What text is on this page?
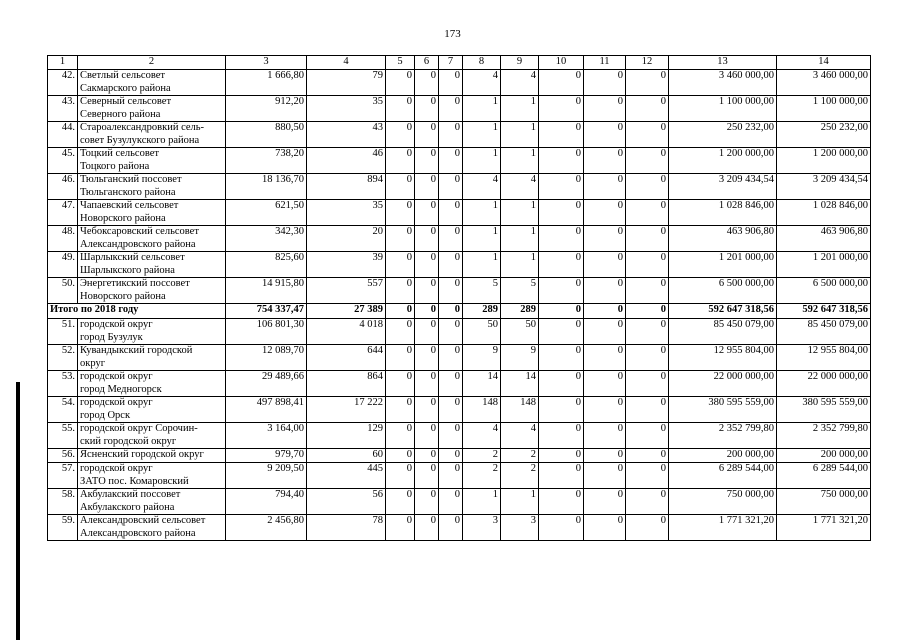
173
1	2	3	4	5	6	7	8	9	10	11	12	13	14
42.	Светлый сельсовет
Сакмарского района	1 666,80	79	0	0	0	4	4	0	0	0	3 460 000,00	3 460 000,00
43.	Северный сельсовет
Северного района	912,20	35	0	0	0	1	1	0	0	0	1 100 000,00	1 100 000,00
44.	Староалександровкий сель-
совет Бузулукского района	880,50	43	0	0	0	1	1	0	0	0	250 232,00	250 232,00
45.	Тоцкий сельсовет
Тоцкого района	738,20	46	0	0	0	1	1	0	0	0	1 200 000,00	1 200 000,00
46.	Тюльганский поссовет
Тюльганского района	18 136,70	894	0	0	0	4	4	0	0	0	3 209 434,54	3 209 434,54
47.	Чапаевский сельсовет
Новорского района	621,50	35	0	0	0	1	1	0	0	0	1 028 846,00	1 028 846,00
48.	Чебоксаровский сельсовет
Александровского района	342,30	20	0	0	0	1	1	0	0	0	463 906,80	463 906,80
49.	Шарлыкский сельсовет
Шарлыкского района	825,60	39	0	0	0	1	1	0	0	0	1 201 000,00	1 201 000,00
50.	Энергетикский поссовет
Новорского района	14 915,80	557	0	0	0	5	5	0	0	0	6 500 000,00	6 500 000,00
Итого по 2018 году		754 337,47	27 389	0	0	0	289	289	0	0	0	592 647 318,56	592 647 318,56
51.	городской округ
город Бузулук	106 801,30	4 018	0	0	0	50	50	0	0	0	85 450 079,00	85 450 079,00
52.	Кувандыкский городской
округ	12 089,70	644	0	0	0	9	9	0	0	0	12 955 804,00	12 955 804,00
53.	городской округ
город Медногорск	29 489,66	864	0	0	0	14	14	0	0	0	22 000 000,00	22 000 000,00
54.	городской округ
город Орск	497 898,41	17 222	0	0	0	148	148	0	0	0	380 595 559,00	380 595 559,00
55.	городской округ Сорочин-
ский городской округ	3 164,00	129	0	0	0	4	4	0	0	0	2 352 799,80	2 352 799,80
56.	Ясненский городской округ	979,70	60	0	0	0	2	2	0	0	0	200 000,00	200 000,00
57.	городской округ
ЗАТО пос. Комаровский	9 209,50	445	0	0	0	2	2	0	0	0	6 289 544,00	6 289 544,00
58.	Акбулакский поссовет
Акбулакского района	794,40	56	0	0	0	1	1	0	0	0	750 000,00	750 000,00
59.	Александровский сельсовет
Александровского района	2 456,80	78	0	0	0	3	3	0	0	0	1 771 321,20	1 771 321,20
